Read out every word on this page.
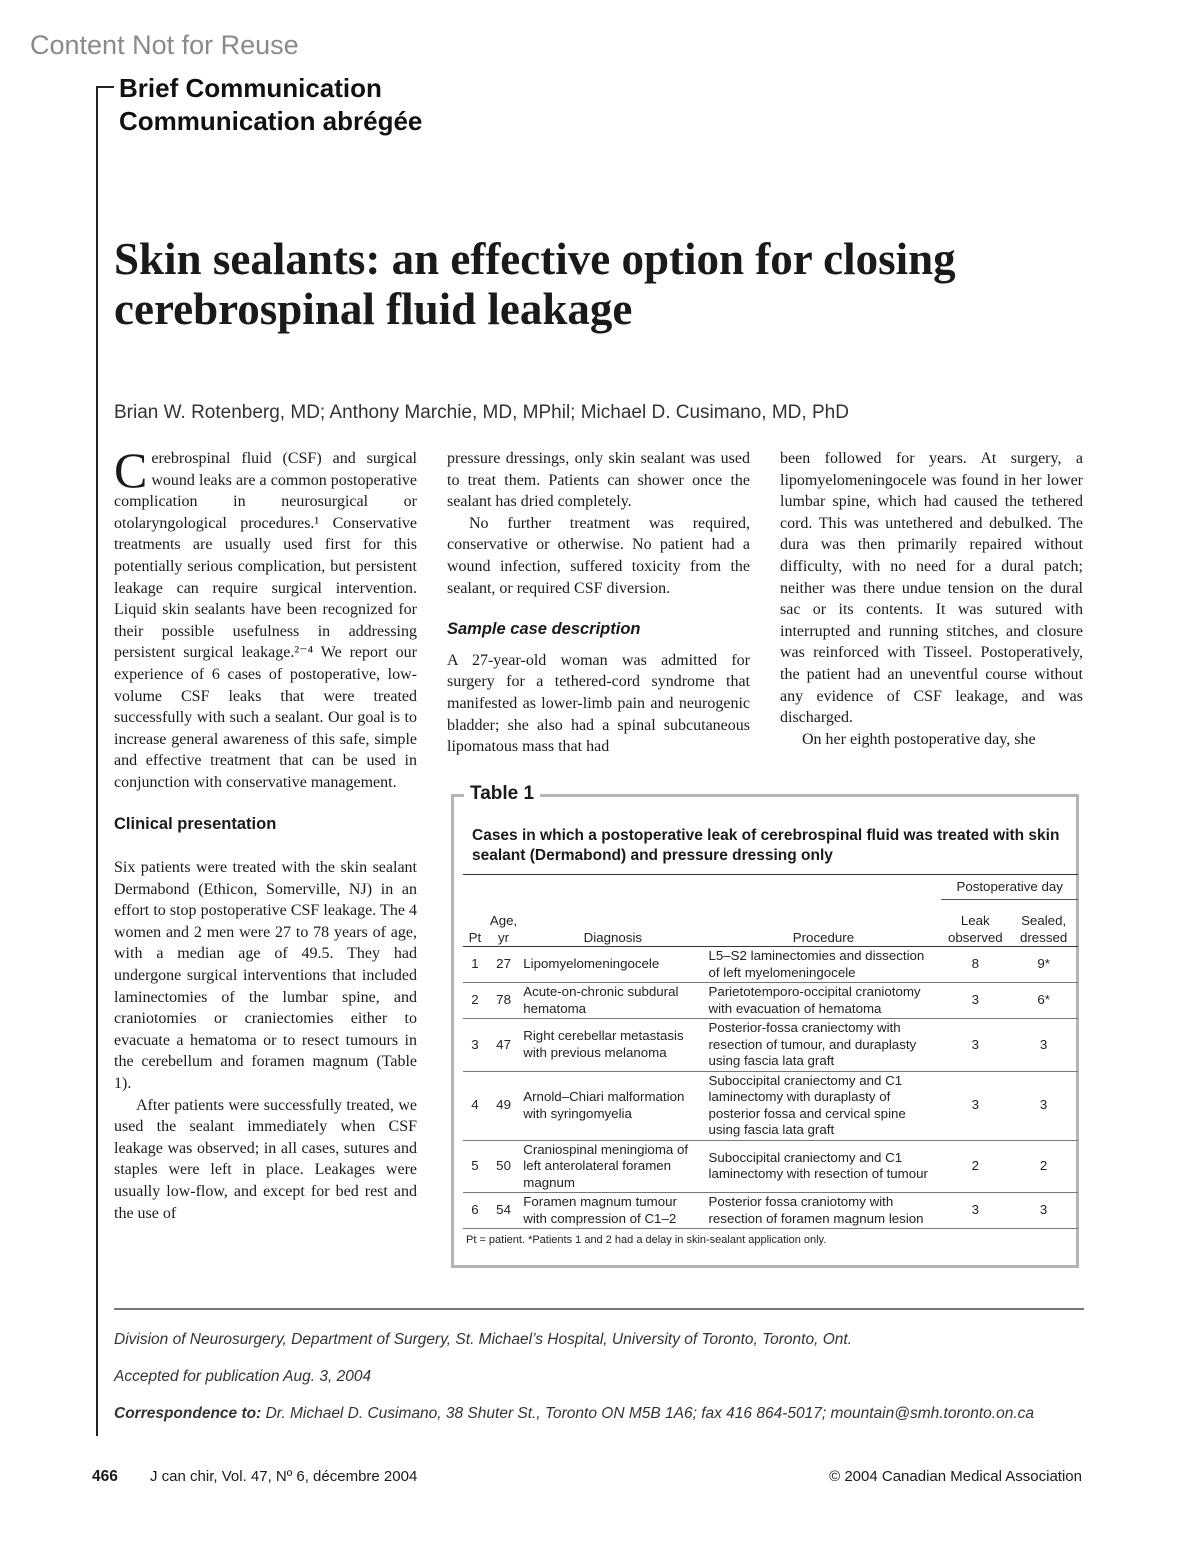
Content Not for Reuse
Brief Communication
Communication abrégée
Skin sealants: an effective option for closing cerebrospinal fluid leakage
Brian W. Rotenberg, MD; Anthony Marchie, MD, MPhil; Michael D. Cusimano, MD, PhD

Cerebrospinal fluid (CSF) and surgical wound leaks are a common postoperative complication in neurosurgical or otolaryngological procedures.¹ Conservative treatments are usually used first for this potentially serious complication, but persistent leakage can require surgical intervention. Liquid skin sealants have been recognized for their possible usefulness in addressing persistent surgical leakage.²⁻⁴ We report our experience of 6 cases of postoperative, low-volume CSF leaks that were treated successfully with such a sealant. Our goal is to increase general awareness of this safe, simple and effective treatment that can be used in conjunction with conservative management.

Clinical presentation

Six patients were treated with the skin sealant Dermabond (Ethicon, Somerville, NJ) in an effort to stop postoperative CSF leakage. The 4 women and 2 men were 27 to 78 years of age, with a median age of 49.5. They had undergone surgical interventions that included laminectomies of the lumbar spine, and craniotomies or craniectomies either to evacuate a hematoma or to resect tumours in the cerebellum and foramen magnum (Table 1).

After patients were successfully treated, we used the sealant immediately when CSF leakage was observed; in all cases, sutures and staples were left in place. Leakages were usually low-flow, and except for bed rest and the use of

pressure dressings, only skin sealant was used to treat them. Patients can shower once the sealant has dried completely.

No further treatment was required, conservative or otherwise. No patient had a wound infection, suffered toxicity from the sealant, or required CSF diversion.

Sample case description

A 27-year-old woman was admitted for surgery for a tethered-cord syndrome that manifested as lower-limb pain and neurogenic bladder; she also had a spinal subcutaneous lipomatous mass that had

been followed for years. At surgery, a lipomyelomeningocele was found in her lower lumbar spine, which had caused the tethered cord. This was untethered and debulked. The dura was then primarily repaired without difficulty, with no need for a dural patch; neither was there undue tension on the dural sac or its contents. It was sutured with interrupted and running stitches, and closure was reinforced with Tisseel. Postoperatively, the patient had an uneventful course without any evidence of CSF leakage, and was discharged.

On her eighth postoperative day, she

Table 1
Cases in which a postoperative leak of cerebrospinal fluid was treated with skin sealant (Dermabond) and pressure dressing only
				Postoperative day	
Pt	Age, yr	Diagnosis	Procedure	Leak observed	Sealed, dressed
1	27	Lipomyelomeningocele	L5–S2 laminectomies and dissection of left myelomeningocele	8	9*
2	78	Acute-on-chronic subdural hematoma	Parietotemporo-occipital craniotomy with evacuation of hematoma	3	6*
3	47	Right cerebellar metastasis with previous melanoma	Posterior-fossa craniectomy with resection of tumour, and duraplasty using fascia lata graft	3	3
4	49	Arnold–Chiari malformation with syringomyelia	Suboccipital craniectomy and C1 laminectomy with duraplasty of posterior fossa and cervical spine using fascia lata graft	3	3
5	50	Craniospinal meningioma of left anterolateral foramen magnum	Suboccipital craniectomy and C1 laminectomy with resection of tumour	2	2
6	54	Foramen magnum tumour with compression of C1–2	Posterior fossa craniotomy with resection of foramen magnum lesion	3	3
Pt = patient. *Patients 1 and 2 had a delay in skin-sealant application only.					
Division of Neurosurgery, Department of Surgery, St. Michael’s Hospital, University of Toronto, Toronto, Ont.
Accepted for publication Aug. 3, 2004
Correspondence to: Dr. Michael D. Cusimano, 38 Shuter St., Toronto ON M5B 1A6; fax 416 864-5017; mountain@smh.toronto.on.ca
466 J can chir, Vol. 47, Nº 6, décembre 2004	© 2004 Canadian Medical Association
